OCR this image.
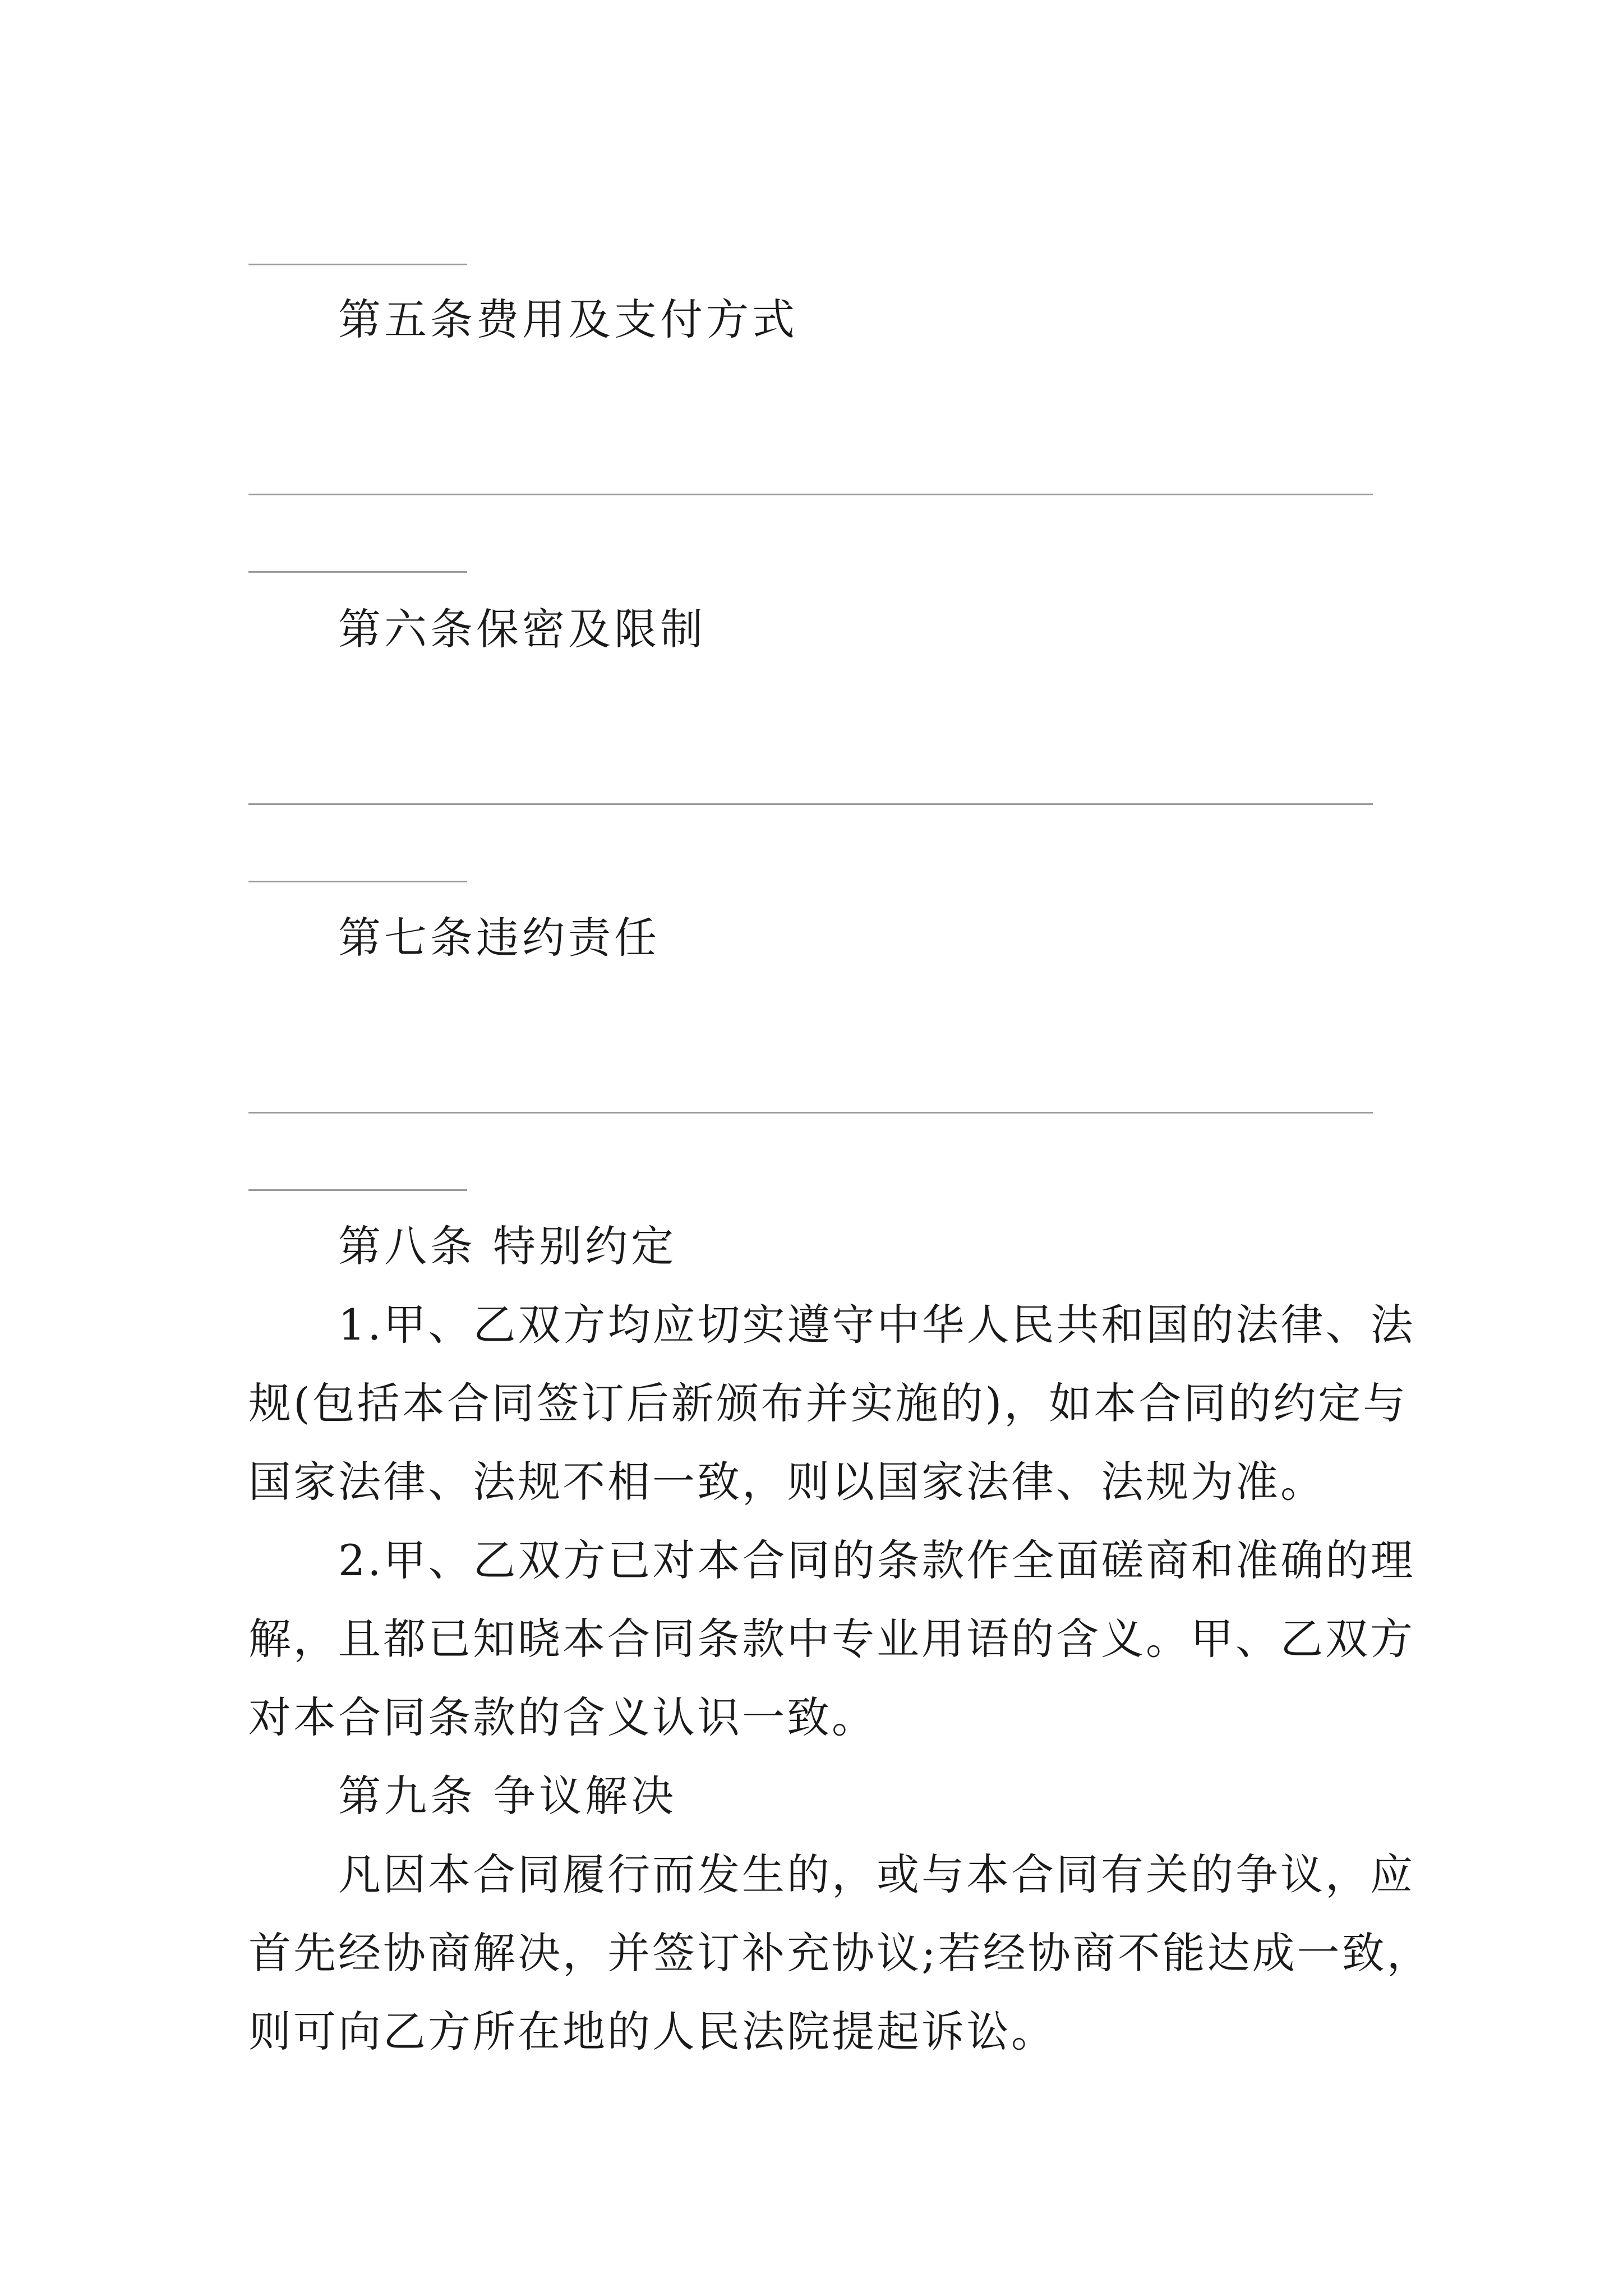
第五条费用及支付方式
第六条保密及限制
第七条违约责任
第八条 特别约定
1.甲、乙双方均应切实遵守中华人民共和国的法律、法
规(包括本合同签订后新颁布并实施的)，如本合同的约定与
国家法律、法规不相一致，则以国家法律、法规为准。
2.甲、乙双方已对本合同的条款作全面磋商和准确的理
解，且都已知晓本合同条款中专业用语的含义。甲、乙双方
对本合同条款的含义认识一致。
第九条 争议解决
凡因本合同履行而发生的，或与本合同有关的争议，应
首先经协商解决，并签订补充协议;若经协商不能达成一致，
则可向乙方所在地的人民法院提起诉讼。
